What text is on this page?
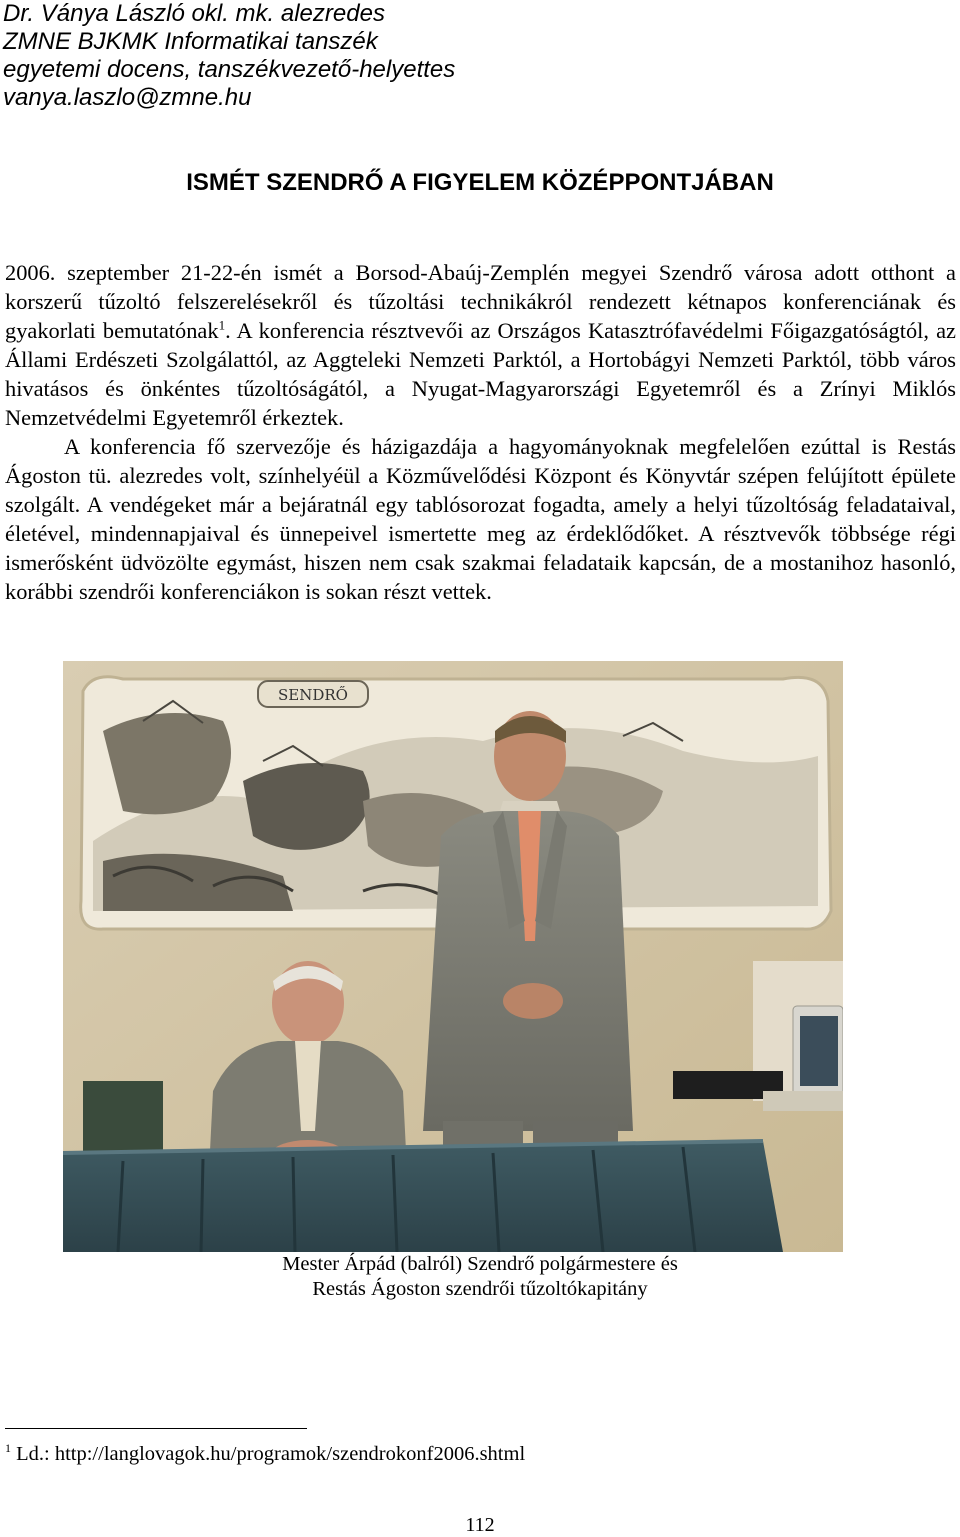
Dr. Ványa László okl. mk. alezredes
ZMNE BJKMK Informatikai tanszék
egyetemi docens, tanszékvezető-helyettes
vanya.laszlo@zmne.hu
ISMÉT SZENDRŐ A FIGYELEM KÖZÉPPONTJÁBAN

2006. szeptember 21-22-én ismét a Borsod-Abaúj-Zemplén megyei Szendrő városa adott otthont a korszerű tűzoltó felszerelésekről és tűzoltási technikákról rendezett kétnapos konferenciának és gyakorlati bemutatónak$^1$. A konferencia résztvevői az Országos Katasztrófavédelmi Főigazgatóságtól, az Állami Erdészeti Szolgálattól, az Aggteleki Nemzeti Parktól, a Hortobágyi Nemzeti Parktól, több város hivatásos és önkéntes tűzoltóságától, a Nyugat-Magyarországi Egyetemről és a Zrínyi Miklós Nemzetvédelmi Egyetemről érkeztek.

A konferencia fő szervezője és házigazdája a hagyományoknak megfelelően ezúttal is Restás Ágoston tü. alezredes volt, színhelyéül a Közművelődési Központ és Könyvtár szépen felújított épülete szolgált. A vendégeket már a bejáratnál egy tablósorozat fogadta, amely a helyi tűzoltóság feladataival, életével, mindennapjaival és ünnepeivel ismertette meg az érdeklődőket. A résztvevők többsége régi ismerősként üdvözölte egymást, hiszen nem csak szakmai feladataik kapcsán, de a mostanihoz hasonló, korábbi szendrői konferenciákon is sokan részt vettek.

SENDRŐ
Mester Árpád (balról) Szendrő polgármestere és
Restás Ágoston szendrői tűzoltókapitány
$^1$ Ld.: http://langlovagok.hu/programok/szendrokonf2006.shtml
112
